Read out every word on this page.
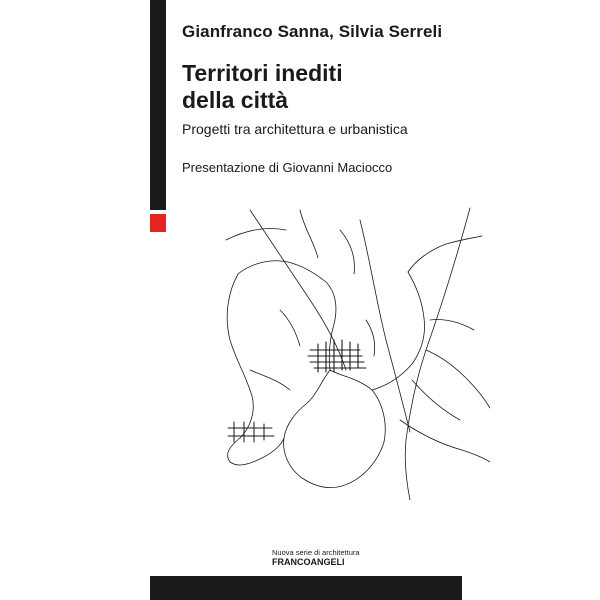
Gianfranco Sanna, Silvia Serreli
Territori inediti
della città
Progetti tra architettura e urbanistica
Presentazione di Giovanni Maciocco
Nuova serie di architettura
FRANCOANGELI
